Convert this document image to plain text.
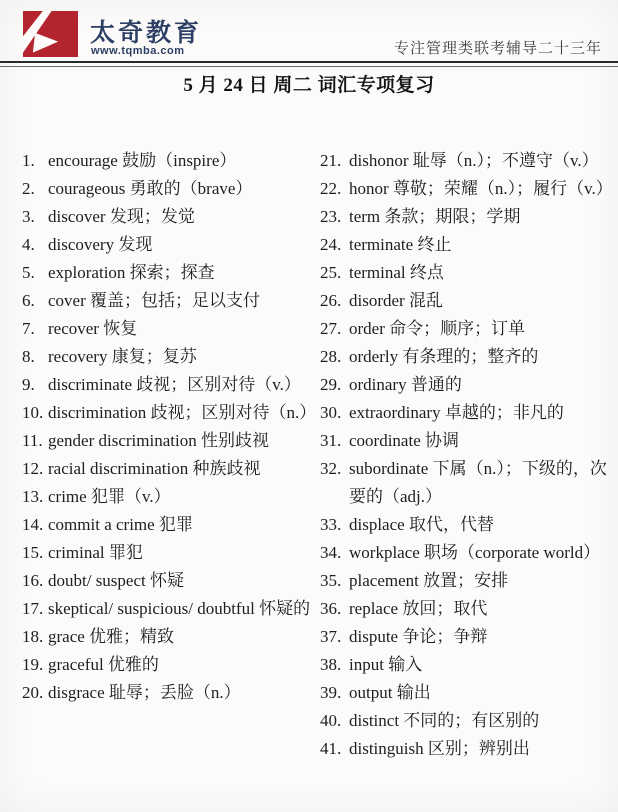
太奇教育
www.tqmba.com	专注管理类联考辅导二十三年
5 月 24 日 周二 词汇专项复习
1. encourage 鼓励（inspire）
2. courageous 勇敢的（brave）
3. discover 发现；发觉
4. discovery 发现
5. exploration 探索；探查
6. cover 覆盖；包括；足以支付
7. recover 恢复
8. recovery 康复；复苏
9. discriminate 歧视；区别对待（v.）
10. discrimination 歧视；区别对待（n.）
11. gender discrimination 性别歧视
12. racial discrimination 种族歧视
13. crime 犯罪（v.）
14. commit a crime 犯罪
15. criminal 罪犯
16. doubt/ suspect 怀疑
17. skeptical/ suspicious/ doubtful 怀疑的
18. grace 优雅；精致
19. graceful 优雅的
20. disgrace 耻辱；丢脸（n.）
21. dishonor 耻辱（n.）；不遵守（v.）
22. honor 尊敬；荣耀（n.）；履行（v.）
23. term 条款；期限；学期
24. terminate 终止
25. terminal 终点
26. disorder 混乱
27. order 命令；顺序；订单
28. orderly 有条理的；整齐的
29. ordinary 普通的
30. extraordinary 卓越的；非凡的
31. coordinate 协调
32. subordinate 下属（n.）；下级的，次要的（adj.）
33. displace 取代，代替
34. workplace 职场（corporate world）
35. placement 放置；安排
36. replace 放回；取代
37. dispute 争论；争辩
38. input 输入
39. output 输出
40. distinct 不同的；有区别的
41. distinguish 区别；辨别出
